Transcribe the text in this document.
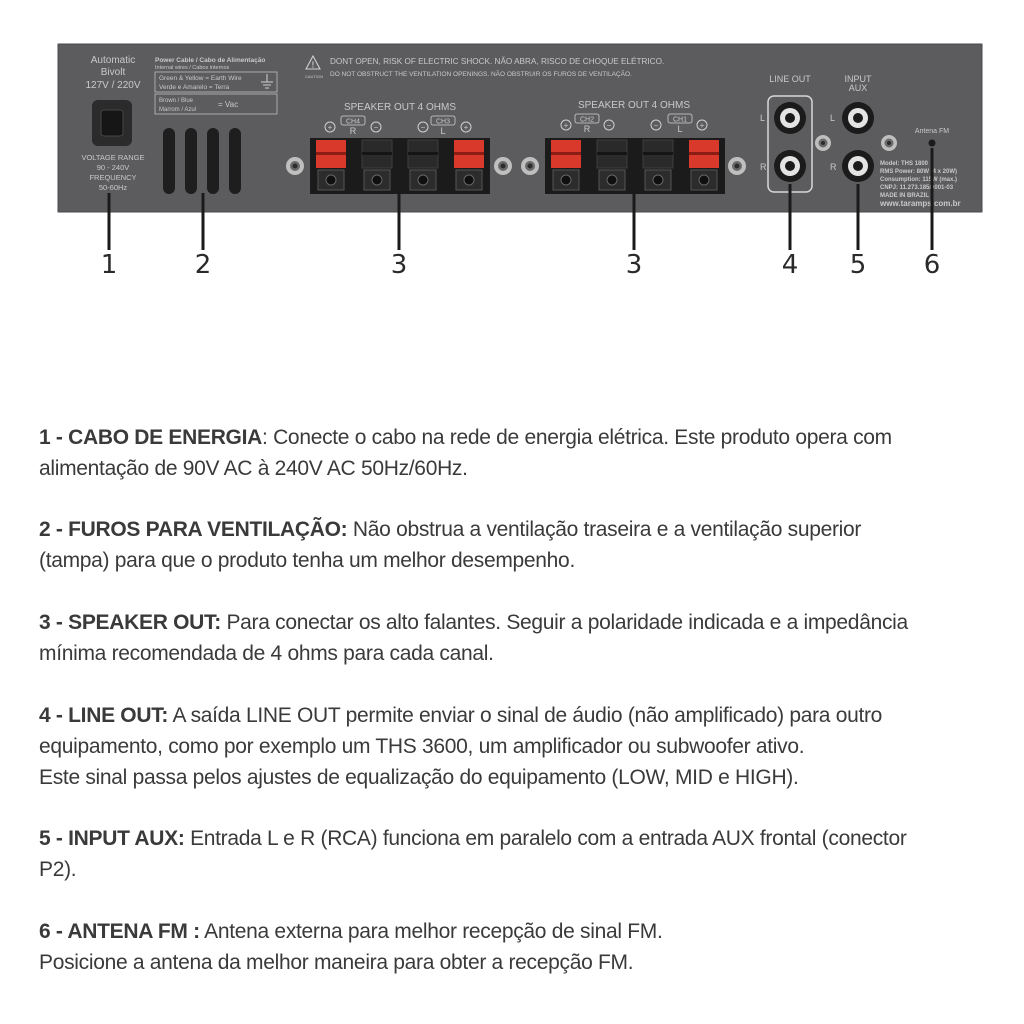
Automatic
Bivolt
127V / 220V
VOLTAGE RANGE
90 - 240V
FREQUENCY
50-60Hz
Power Cable / Cabo de Alimentação
Internal wires / Cabos internos
Green & Yellow = Earth Wire
Verde e Amarelo = Terra
Brown / Blue
Marrom / Azul
= Vac
!
CAUTION
DONT OPEN, RISK OF ELECTRIC SHOCK. NÃO ABRA, RISCO DE CHOQUE ELÉTRICO.
DO NOT OBSTRUCT THE VENTILATION OPENINGS. NÃO OBSTRUIR OS FUROS DE VENTILAÇÃO.
SPEAKER OUT 4 OHMS
+
CH4
R −	−
CH3
L +
SPEAKER OUT 4 OHMS
+
CH2
R −	−
CH1
L +
LINE OUT
L
R
INPUT
AUX
L
R
Antena FM
Model: THS 1800
RMS Power: 80W (4 x 20W)
Consumption: 115W (max.)
CNPJ: 11.273.185/0001-03
MADE IN BRAZIL
www.taramps.com.br
1	2	3	3	4	5	6
1 - CABO DE ENERGIA: Conecte o cabo na rede de energia elétrica. Este produto opera com
alimentação de 90V AC à 240V AC 50Hz/60Hz.
2 - FUROS PARA VENTILAÇÃO: Não obstrua a ventilação traseira e a ventilação superior
(tampa) para que o produto tenha um melhor desempenho.
3 - SPEAKER OUT: Para conectar os alto falantes. Seguir a polaridade indicada e a impedância
mínima recomendada de 4 ohms para cada canal.
4 - LINE OUT: A saída LINE OUT permite enviar o sinal de áudio (não amplificado) para outro
equipamento, como por exemplo um THS 3600, um amplificador ou subwoofer ativo.
Este sinal passa pelos ajustes de equalização do equipamento (LOW, MID e HIGH).
5 - INPUT AUX: Entrada L e R (RCA) funciona em paralelo com a entrada AUX frontal (conector
P2).
6 - ANTENA FM : Antena externa para melhor recepção de sinal FM.
Posicione a antena da melhor maneira para obter a recepção FM.
